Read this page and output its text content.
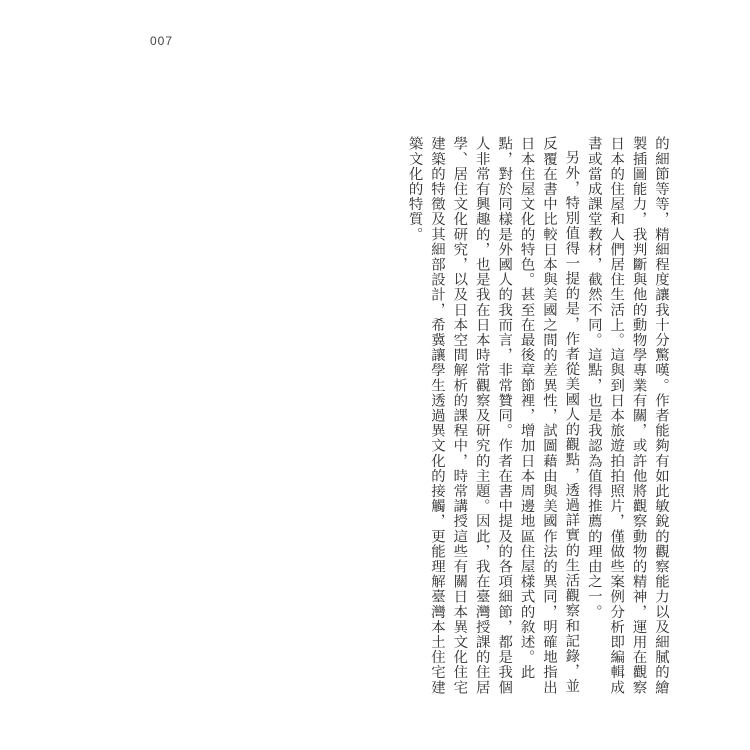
007

的細節等等，精細程度讓我十分驚嘆。作者能夠有如此敏銳的觀察能力以及細膩的繪製插圖能力，我判斷與他的動物學專業有關，或許他將觀察動物的精神，運用在觀察日本的住屋和人們居住生活上。這與到日本旅遊拍拍照片，僅做些案例分析即編輯成書或當成課堂教材，截然不同。這點，也是我認為值得推薦的理由之一。

另外，特別值得一提的是，作者從美國人的觀點，透過詳實的生活觀察和記錄，並反覆在書中比較日本與美國之間的差異性，試圖藉由與美國作法的異同，明確地指出日本住屋文化的特色。甚至在最後章節裡，增加日本周邊地區住屋樣式的敘述。此點，對於同樣是外國人的我而言，非常贊同。作者在書中提及的各項細節，都是我個人非常有興趣的，也是我在日本時常觀察及研究的主題。因此，我在臺灣授課的住居學、居住文化研究，以及日本空間解析的課程中，時常講授這些有關日本異文化住宅建築的特徵及其細部設計，希冀讓學生透過異文化的接觸，更能理解臺灣本土住宅建築文化的特質。
